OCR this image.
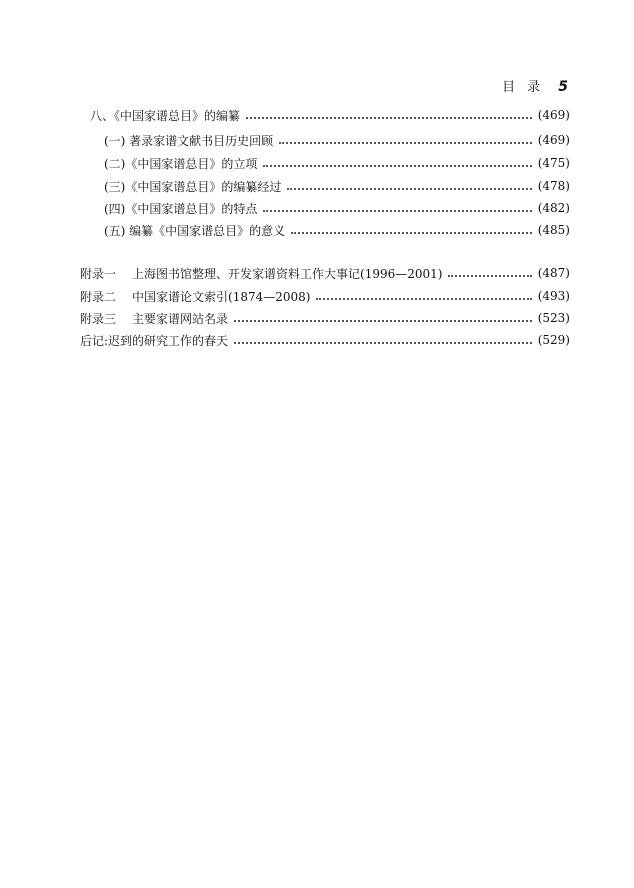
目录 5
八、《中国家谱总目》的编纂	(469)
(一) 著录家谱文献书目历史回顾	(469)
(二)《中国家谱总目》的立项	(475)
(三)《中国家谱总目》的编纂经过	(478)
(四)《中国家谱总目》的特点	(482)
(五) 编纂《中国家谱总目》的意义	(485)
附录一 上海图书馆整理、开发家谱资料工作大事记(1996—2001)	(487)
附录二 中国家谱论文索引(1874—2008)	(493)
附录三 主要家谱网站名录	(523)
后记:迟到的研究工作的春天	(529)
